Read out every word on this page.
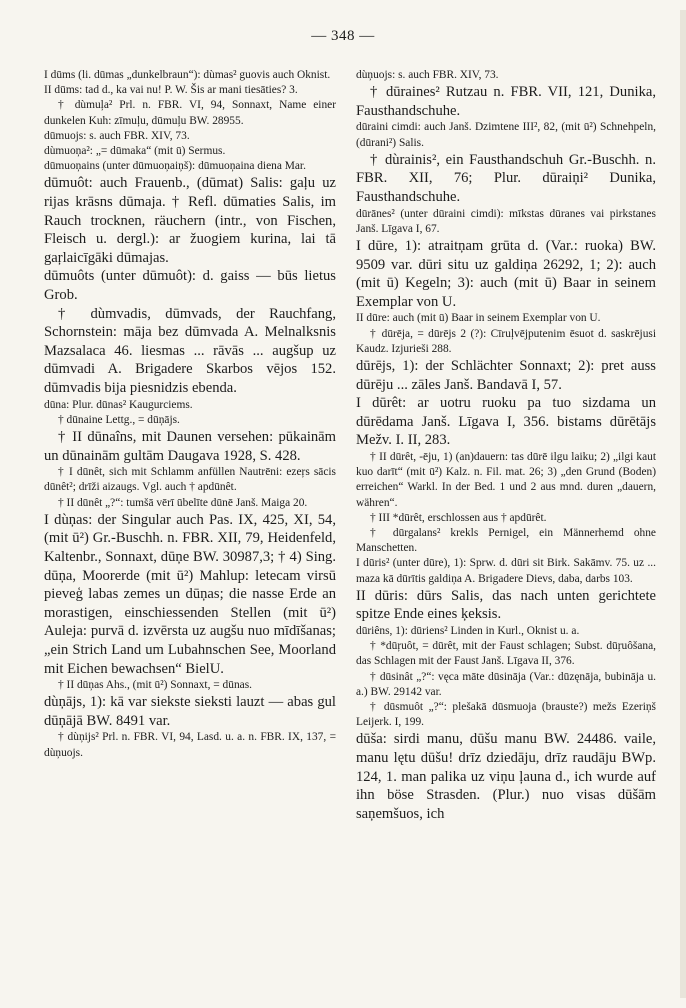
— 348 —

I dūms (li. dūmas „dunkelbraun“): dùmas² guovis auch Oknist.

II dūms: tad d., ka vai nu! P. W. Šis ar mani tiesāties? 3.

† dùmuļa² Prl. n. FBR. VI, 94, Sonnaxt, Name einer dunkelen Kuh: zīmuļu, dūmuļu BW. 28955.

dūmuojs: s. auch FBR. XIV, 73.

dùmuoņa²: „= dūmaka“ (mit ū) Sermus.

dūmuoņains (unter dūmuoņaiņš): dūmuoņaina diena Mar.

dūmuôt: auch Frauenb., (dūmat) Salis: gaļu uz rijas krāsns dūmaja. † Refl. dūmaties Salis, im Rauch trocknen, räuchern (intr., von Fischen, Fleisch u. dergl.): ar žuogiem kurina, lai tā gaŗlaicīgāki dūmajas.

dūmuôts (unter dūmuôt): d. gaiss — būs lietus Grob.

† dùmvadis, dūmvads, der Rauchfang, Schornstein: māja bez dūmvada A. Melnalksnis Mazsalaca 46. liesmas ... rāvās ... augšup uz dūmvadi A. Brigadere Skarbos vējos 152. dūmvadis bija piesnidzis ebenda.

dūna: Plur. dūnas² Kaugurciems.

† dūnaine Lettg., = dūņājs.

† II dūnaîns, mit Daunen versehen: pūkainām un dūnainām gultām Daugava 1928, S. 428.

† I dūnêt, sich mit Schlamm anfüllen Nautrēni: ezeŗs sācis dūnêt²; drīži aizaugs. Vgl. auch † apdūnêt.

† II dūnêt „?“: tumšā vērī ūbelīte dūnē Janš. Maiga 20.

I dùņas: der Singular auch Pas. IX, 425, XI, 54, (mit ū²) Gr.-Buschh. n. FBR. XII, 79, Heidenfeld, Kaltenbr., Sonnaxt, dūņe BW. 30987,3; † 4) Sing. dūņa, Moorerde (mit ū²) Mahlup: letecam virsū pieveģ labas zemes un dūņas; die nasse Erde an morastigen, einschiessenden Stellen (mit ū²) Auleja: purvā d. izvērsta uz augšu nuo mīdīšanas; „ein Strich Land um Lubahnschen See, Moorland mit Eichen bewachsen“ BielU.

† II dūņas Ahs., (mit ū²) Sonnaxt, = dūnas.

dùņājs, 1): kā var siekste sieksti lauzt — abas gul dūņājā BW. 8491 var.

† dùņijs² Prl. n. FBR. VI, 94, Lasd. u. a. n. FBR. IX, 137, = dùņuojs.

dùņuojs: s. auch FBR. XIV, 73.

† dūraines² Rutzau n. FBR. VII, 121, Dunika, Fausthandschuhe.

dūraini cimdi: auch Janš. Dzimtene III², 82, (mit ū²) Schnehpeln, (dūrani²) Salis.

† dùrainis², ein Fausthandschuh Gr.-Buschh. n. FBR. XII, 76; Plur. dūraiņi² Dunika, Fausthandschuhe.

dūrānes² (unter dūraini cimdi): mīkstas dūranes vai pirkstanes Janš. Līgava I, 67.

I dūre, 1): atraitņam grūta d. (Var.: ruoka) BW. 9509 var. dūri situ uz galdiņa 26292, 1; 2): auch (mit ū) Kegeln; 3): auch (mit ū) Baar in seinem Exemplar von U.

II dūre: auch (mit ū) Baar in seinem Exemplar von U.

† dūrēja, = dūrējs 2 (?): Cīruļvējputenim ēsuot d. saskrējusi Kaudz. Izjurieši 288.

dūrējs, 1): der Schlächter Sonnaxt; 2): pret auss dūrēju ... zāles Janš. Bandavā I, 57.

I dūrêt: ar uotru ruoku pa tuo sizdama un dūrēdama Janš. Līgava I, 356. bistams dūrētājs Mežv. I. II, 283.

† II dūrêt, -ēju, 1) (an)dauern: tas dūrē ilgu laiku; 2) „ilgi kaut kuo darīt“ (mit ū²) Kalz. n. Fil. mat. 26; 3) „den Grund (Boden) erreichen“ Warkl. In der Bed. 1 und 2 aus mnd. duren „dauern, währen“.

† III *dūrêt, erschlossen aus † apdūrêt.

† dūrgalans² krekls Pernigel, ein Männerhemd ohne Manschetten.

I dūris² (unter dūre), 1): Sprw. d. dūri sit Birk. Sakāmv. 75. uz ... maza kā dūrītis galdiņa A. Brigadere Dievs, daba, darbs 103.

II dūris: dūrs Salis, das nach unten gerichtete spitze Ende eines ķeksis.

dūriêns, 1): dūriens² Linden in Kurl., Oknist u. a.

† *dūŗuôt, = dūrêt, mit der Faust schlagen; Subst. dūŗuôšana, das Schlagen mit der Faust Janš. Līgava II, 376.

† dūsinât „?“: vęca māte dūsināja (Var.: dūzęnāja, bubināja u. a.) BW. 29142 var.

† dūsmuôt „?“: plešakā dūsmuoja (brauste?) mežs Ezeriņš Leijerk. I, 199.

dūša: sirdi manu, dūšu manu BW. 24486. vaile, manu lętu dūšu! drīz dziedāju, drīz raudāju BWp. 124, 1. man palika uz viņu ļauna d., ich wurde auf ihn böse Strasden. (Plur.) nuo visas dūšām saņemšuos, ich
